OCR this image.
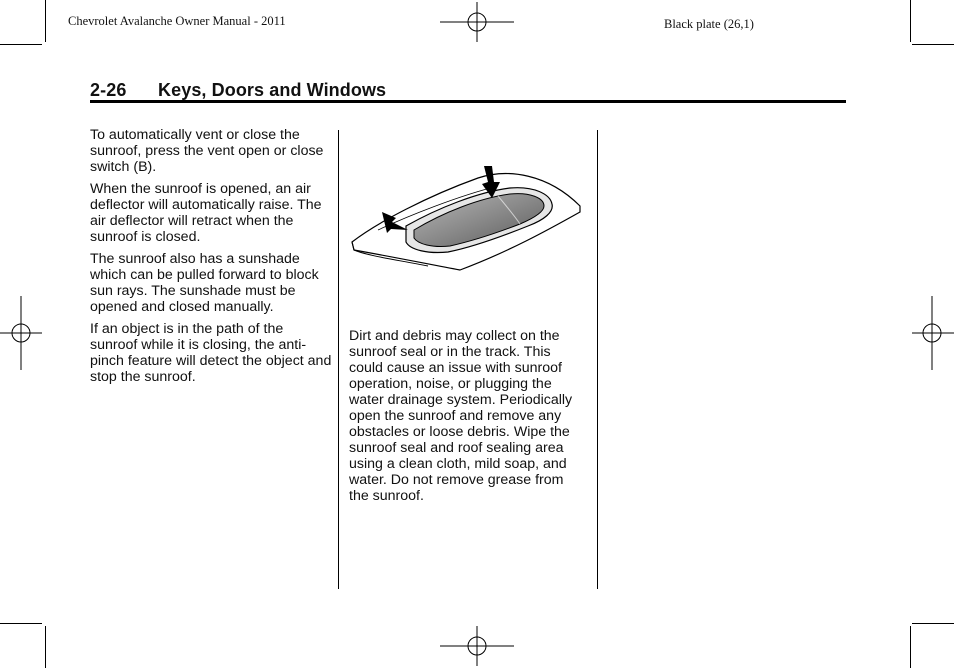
Chevrolet Avalanche Owner Manual - 2011	Black plate (26,1)
2-26 Keys, Doors and Windows

To automatically vent or close the sunroof, press the vent open or close switch (B).

When the sunroof is opened, an air deflector will automatically raise. The air deflector will retract when the sunroof is closed.

The sunroof also has a sunshade which can be pulled forward to block sun rays. The sunshade must be opened and closed manually.

If an object is in the path of the sunroof while it is closing, the anti-pinch feature will detect the object and stop the sunroof.

Dirt and debris may collect on the sunroof seal or in the track. This could cause an issue with sunroof operation, noise, or plugging the water drainage system. Periodically open the sunroof and remove any obstacles or loose debris. Wipe the sunroof seal and roof sealing area using a clean cloth, mild soap, and water. Do not remove grease from the sunroof.
